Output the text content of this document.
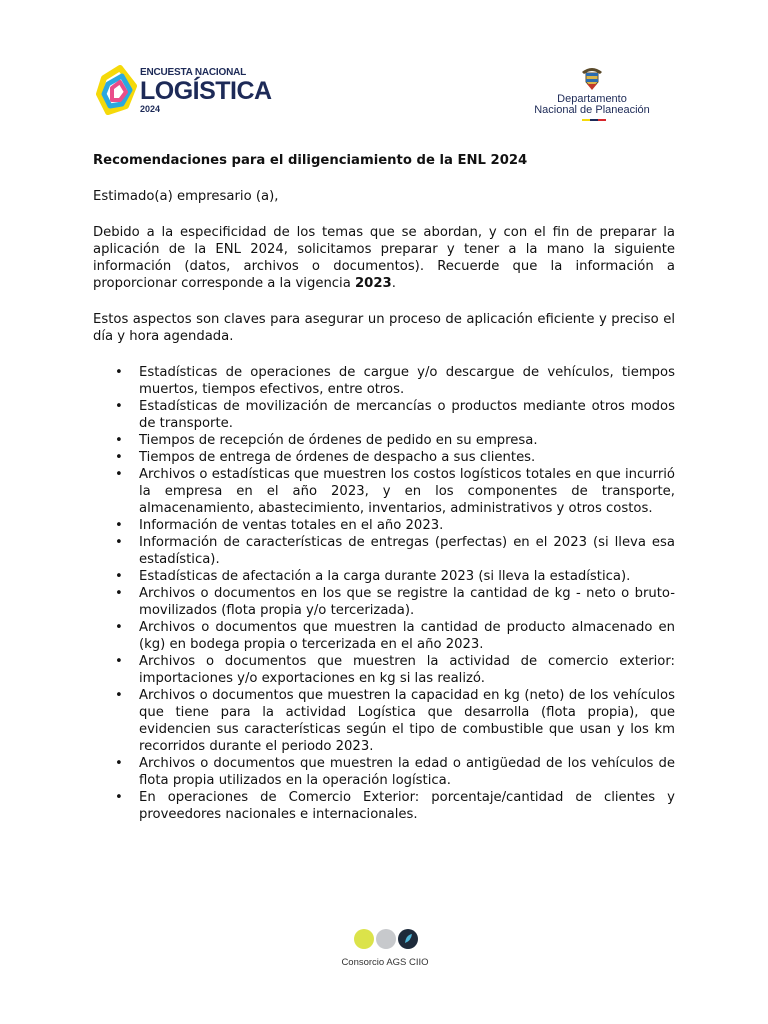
ENCUESTA NACIONAL
LOGÍSTICA
2024
Departamento
Nacional de Planeación

Recomendaciones para el diligenciamiento de la ENL 2024

Estimado(a) empresario (a),

Debido a la especificidad de los temas que se abordan, y con el fin de preparar la aplicación de la ENL 2024, solicitamos preparar y tener a la mano la siguiente información (datos, archivos o documentos). Recuerde que la información a proporcionar corresponde a la vigencia 2023.

Estos aspectos son claves para asegurar un proceso de aplicación eficiente y preciso el día y hora agendada.

• Estadísticas de operaciones de cargue y/o descargue de vehículos, tiempos muertos, tiempos efectivos, entre otros.
• Estadísticas de movilización de mercancías o productos mediante otros modos de transporte.
• Tiempos de recepción de órdenes de pedido en su empresa.
• Tiempos de entrega de órdenes de despacho a sus clientes.
• Archivos o estadísticas que muestren los costos logísticos totales en que incurrió la empresa en el año 2023, y en los componentes de transporte, almacenamiento, abastecimiento, inventarios, administrativos y otros costos.
• Información de ventas totales en el año 2023.
• Información de características de entregas (perfectas) en el 2023 (si lleva esa estadística).
• Estadísticas de afectación a la carga durante 2023 (si lleva la estadística).
• Archivos o documentos en los que se registre la cantidad de kg - neto o bruto- movilizados (flota propia y/o tercerizada).
• Archivos o documentos que muestren la cantidad de producto almacenado en (kg) en bodega propia o tercerizada en el año 2023.
• Archivos o documentos que muestren la actividad de comercio exterior: importaciones y/o exportaciones en kg si las realizó.
• Archivos o documentos que muestren la capacidad en kg (neto) de los vehículos que tiene para la actividad Logística que desarrolla (flota propia), que evidencien sus características según el tipo de combustible que usan y los km recorridos durante el periodo 2023.
• Archivos o documentos que muestren la edad o antigüedad de los vehículos de flota propia utilizados en la operación logística.
• En operaciones de Comercio Exterior: porcentaje/cantidad de clientes y proveedores nacionales e internacionales.
Consorcio AGS CIIO
